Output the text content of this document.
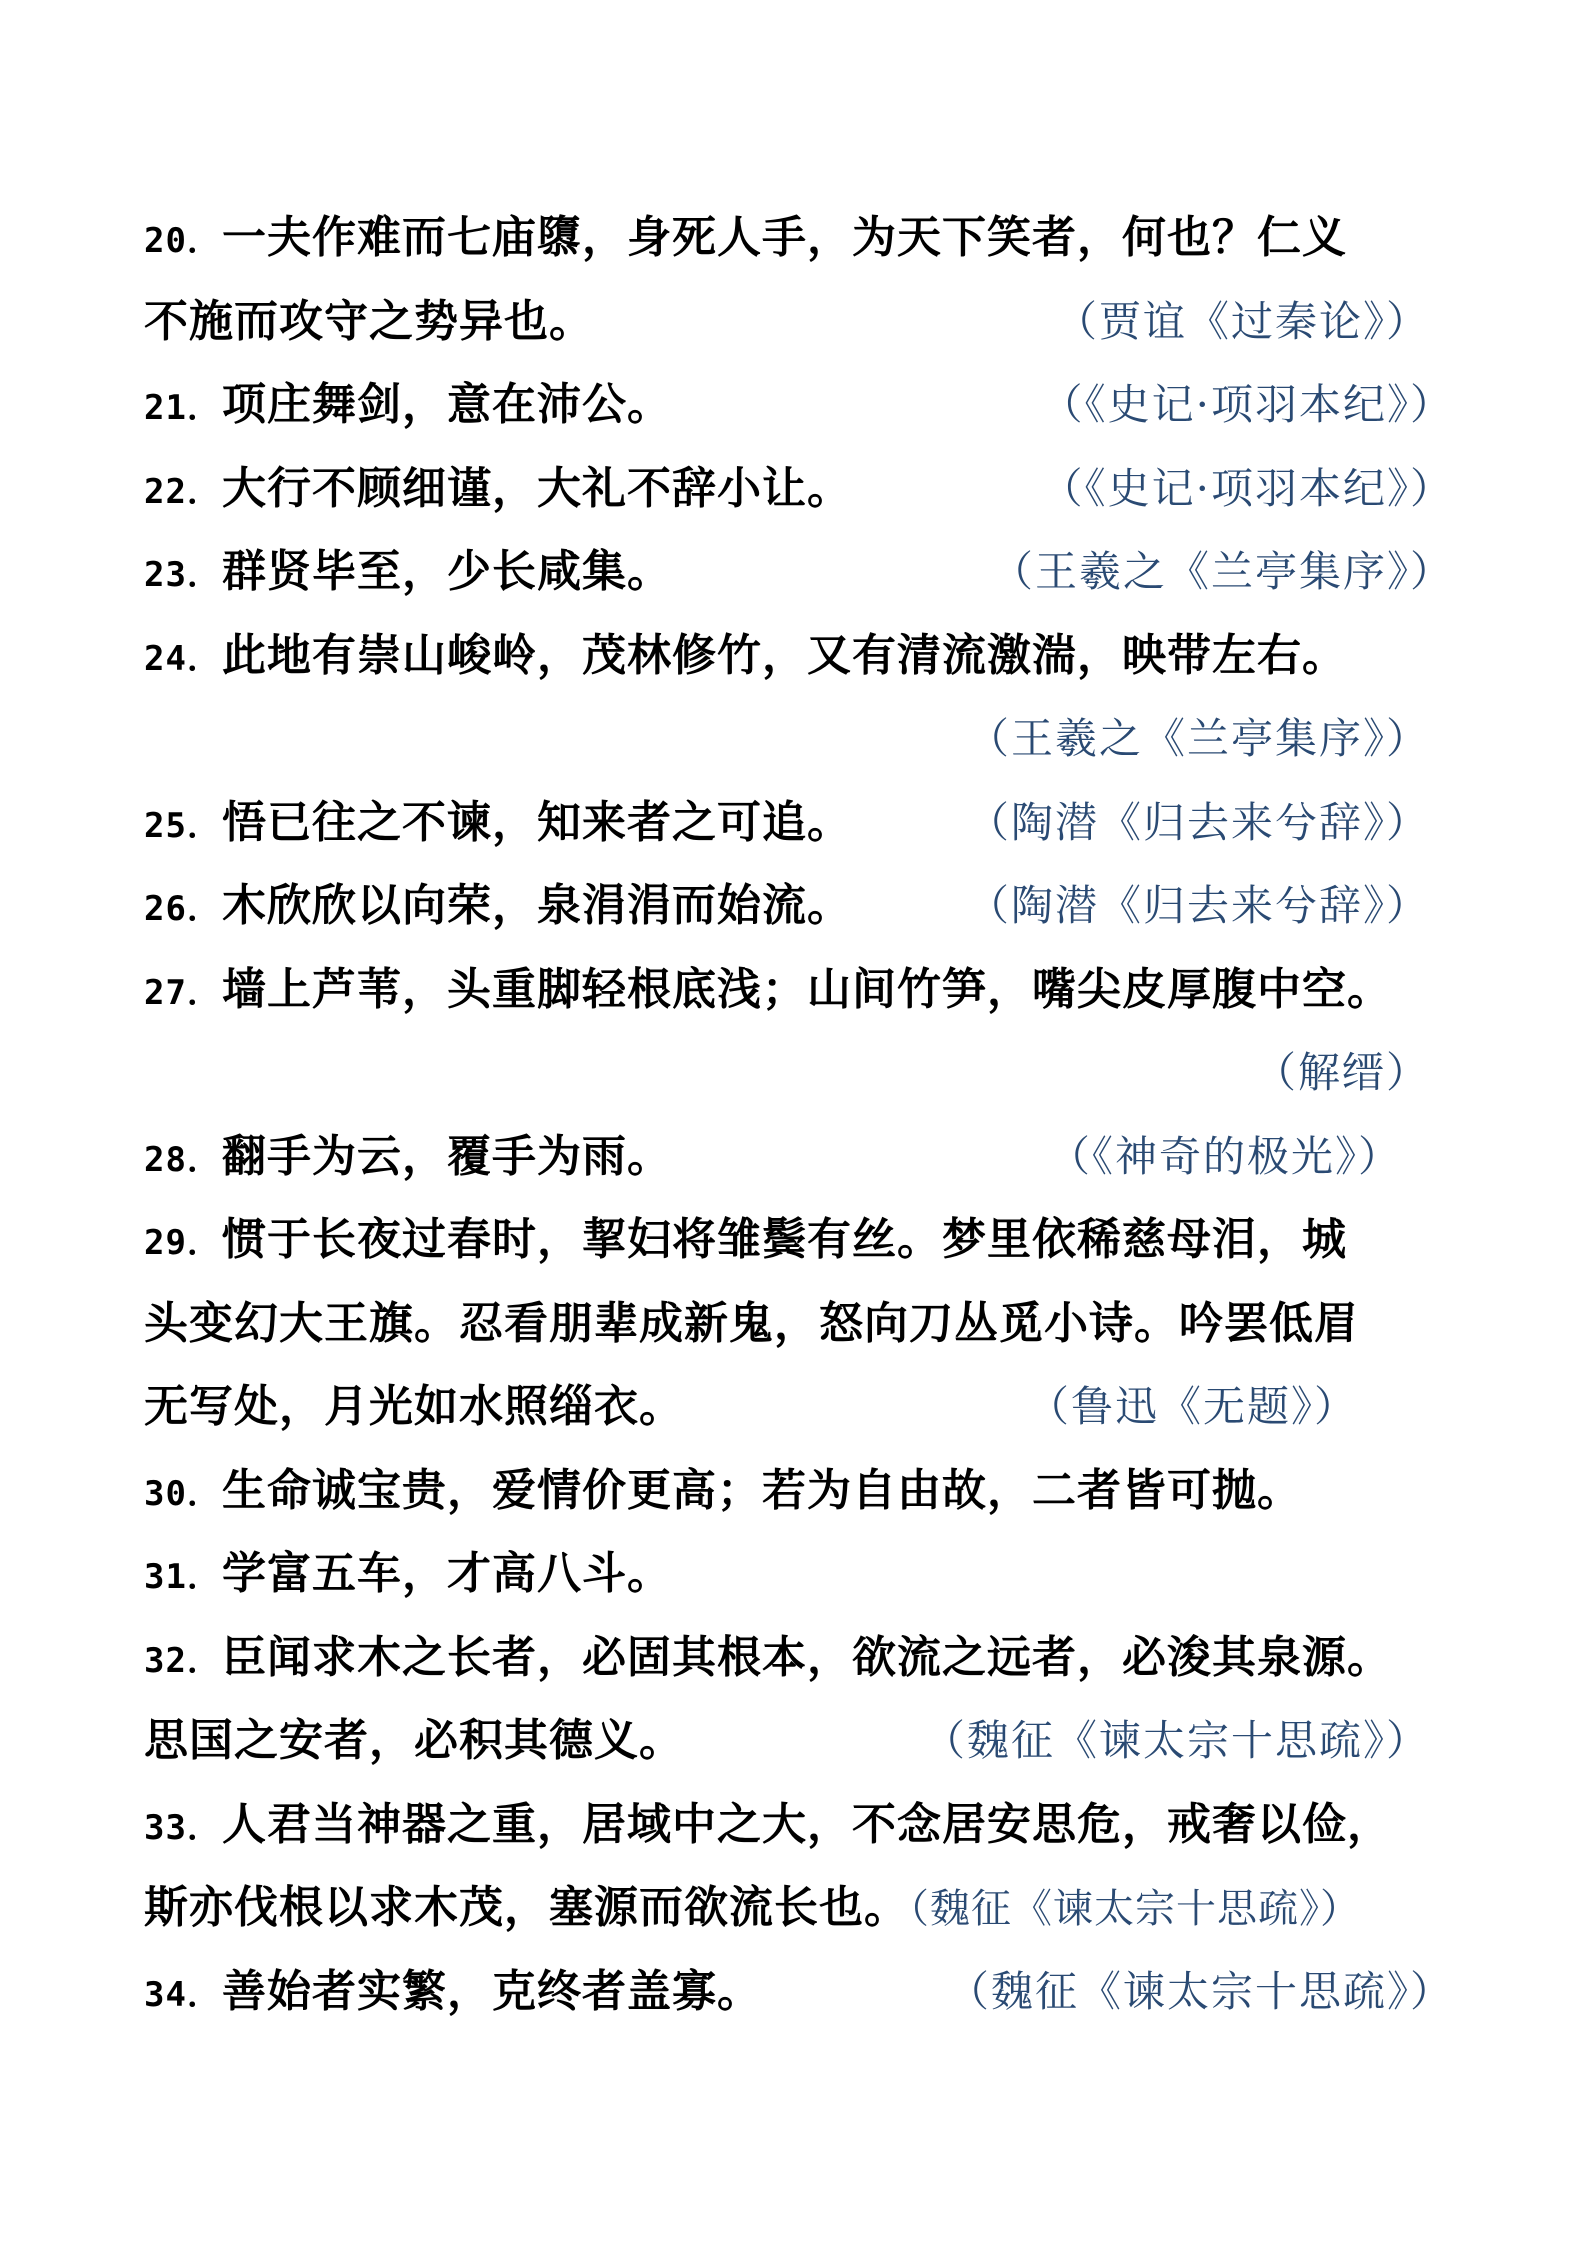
20．一夫作难而七庙隳，身死人手，为天下笑者，何也？仁义
不施而攻守之势异也。	（贾谊《过秦论》）
21．项庄舞剑，意在沛公。	（《史记·项羽本纪》）
22．大行不顾细谨，大礼不辞小让。	（《史记·项羽本纪》）
23．群贤毕至，少长咸集。	（王羲之《兰亭集序》）
24．此地有崇山峻岭，茂林修竹，又有清流激湍，映带左右。
（王羲之《兰亭集序》）
25．悟已往之不谏，知来者之可追。	（陶潜《归去来兮辞》）
26．木欣欣以向荣，泉涓涓而始流。	（陶潜《归去来兮辞》）
27．墙上芦苇，头重脚轻根底浅；山间竹笋，嘴尖皮厚腹中空。
（解缙）
28．翻手为云，覆手为雨。	（《神奇的极光》）
29．惯于长夜过春时，挈妇将雏鬓有丝。梦里依稀慈母泪，城
头变幻大王旗。忍看朋辈成新鬼，怒向刀丛觅小诗。吟罢低眉
无写处，月光如水照缁衣。	（鲁迅《无题》）
30．生命诚宝贵，爱情价更高；若为自由故，二者皆可抛。
31．学富五车，才高八斗。
32．臣闻求木之长者，必固其根本，欲流之远者，必浚其泉源。
思国之安者，必积其德义。	（魏征《谏太宗十思疏》）
33．人君当神器之重，居域中之大，不念居安思危，戒奢以俭，
斯亦伐根以求木茂，塞源而欲流长也。（魏征《谏太宗十思疏》）
34．善始者实繁，克终者盖寡。	（魏征《谏太宗十思疏》）
